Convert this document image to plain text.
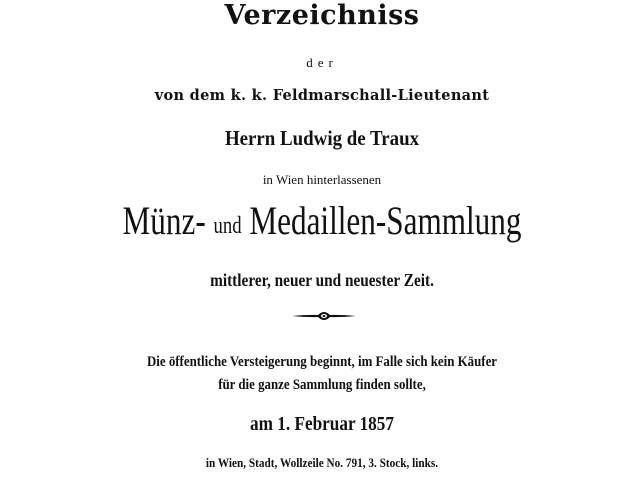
Verzeichniss
der
von dem k. k. Feldmarschall-Lieutenant
Herrn Ludwig de Traux
in Wien hinterlassenen
Münz- und Medaillen-Sammlung
mittlerer, neuer und neuester Zeit.
Die öffentliche Versteigerung beginnt, im Falle sich kein Käufer
für die ganze Sammlung finden sollte,
am 1. Februar 1857
in Wien, Stadt, Wollzeile No. 791, 3. Stock, links.
